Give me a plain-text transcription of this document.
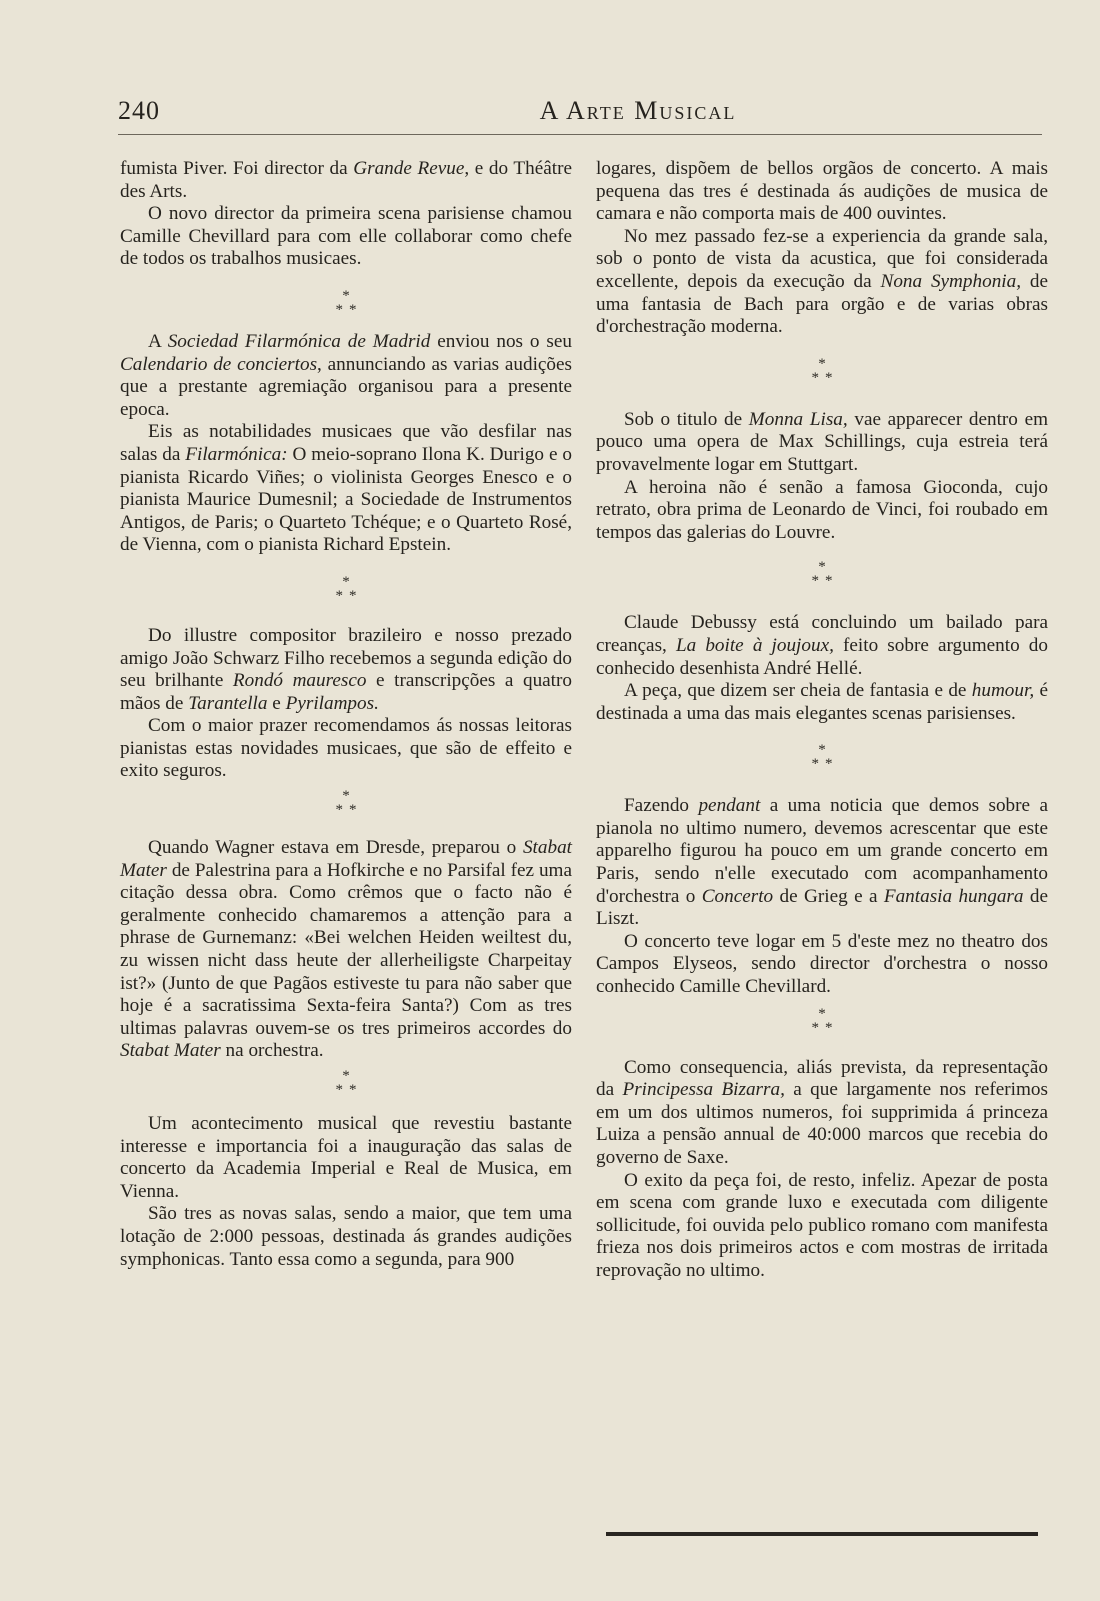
240	A Arte Musical

fumista Piver. Foi director da Grande Revue, e do Théâtre des Arts.

O novo director da primeira scena parisiense chamou Camille Chevillard para com elle collaborar como chefe de todos os trabalhos musicaes.

*
**

A Sociedad Filarmónica de Madrid enviou nos o seu Calendario de conciertos, annunciando as varias audições que a prestante agremiação organisou para a presente epoca.

Eis as notabilidades musicaes que vão desfilar nas salas da Filarmónica: O meio-soprano Ilona K. Durigo e o pianista Ricardo Viñes; o violinista Georges Enesco e o pianista Maurice Dumesnil; a Sociedade de Instrumentos Antigos, de Paris; o Quarteto Tchéque; e o Quarteto Rosé, de Vienna, com o pianista Richard Epstein.

*
**

Do illustre compositor brazileiro e nosso prezado amigo João Schwarz Filho recebemos a segunda edição do seu brilhante Rondó mauresco e transcripções a quatro mãos de Tarantella e Pyrilampos.

Com o maior prazer recomendamos ás nossas leitoras pianistas estas novidades musicaes, que são de effeito e exito seguros.

*
**

Quando Wagner estava em Dresde, preparou o Stabat Mater de Palestrina para a Hofkirche e no Parsifal fez uma citação dessa obra. Como crêmos que o facto não é geralmente conhecido chamaremos a attenção para a phrase de Gurnemanz: «Bei welchen Heiden weiltest du, zu wissen nicht dass heute der allerheiligste Charpeitay ist?» (Junto de que Pagãos estiveste tu para não saber que hoje é a sacratissima Sexta-feira Santa?) Com as tres ultimas palavras ouvem-se os tres primeiros accordes do Stabat Mater na orchestra.

*
**

Um acontecimento musical que revestiu bastante interesse e importancia foi a inauguração das salas de concerto da Academia Imperial e Real de Musica, em Vienna.

São tres as novas salas, sendo a maior, que tem uma lotação de 2:000 pessoas, destinada ás grandes audições symphonicas. Tanto essa como a segunda, para 900

logares, dispõem de bellos orgãos de concerto. A mais pequena das tres é destinada ás audições de musica de camara e não comporta mais de 400 ouvintes.

No mez passado fez-se a experiencia da grande sala, sob o ponto de vista da acustica, que foi considerada excellente, depois da execução da Nona Symphonia, de uma fantasia de Bach para orgão e de varias obras d'orchestração moderna.

*
**

Sob o titulo de Monna Lisa, vae apparecer dentro em pouco uma opera de Max Schillings, cuja estreia terá provavelmente logar em Stuttgart.

A heroina não é senão a famosa Gioconda, cujo retrato, obra prima de Leonardo de Vinci, foi roubado em tempos das galerias do Louvre.

*
**

Claude Debussy está concluindo um bailado para creanças, La boite à joujoux, feito sobre argumento do conhecido desenhista André Hellé.

A peça, que dizem ser cheia de fantasia e de humour, é destinada a uma das mais elegantes scenas parisienses.

*
**

Fazendo pendant a uma noticia que demos sobre a pianola no ultimo numero, devemos acrescentar que este apparelho figurou ha pouco em um grande concerto em Paris, sendo n'elle executado com acompanhamento d'orchestra o Concerto de Grieg e a Fantasia hungara de Liszt.

O concerto teve logar em 5 d'este mez no theatro dos Campos Elyseos, sendo director d'orchestra o nosso conhecido Camille Chevillard.

*
**

Como consequencia, aliás prevista, da representação da Principessa Bizarra, a que largamente nos referimos em um dos ultimos numeros, foi supprimida á princeza Luiza a pensão annual de 40:000 marcos que recebia do governo de Saxe.

O exito da peça foi, de resto, infeliz. Apezar de posta em scena com grande luxo e executada com diligente sollicitude, foi ouvida pelo publico romano com manifesta frieza nos dois primeiros actos e com mostras de irritada reprovação no ultimo.
